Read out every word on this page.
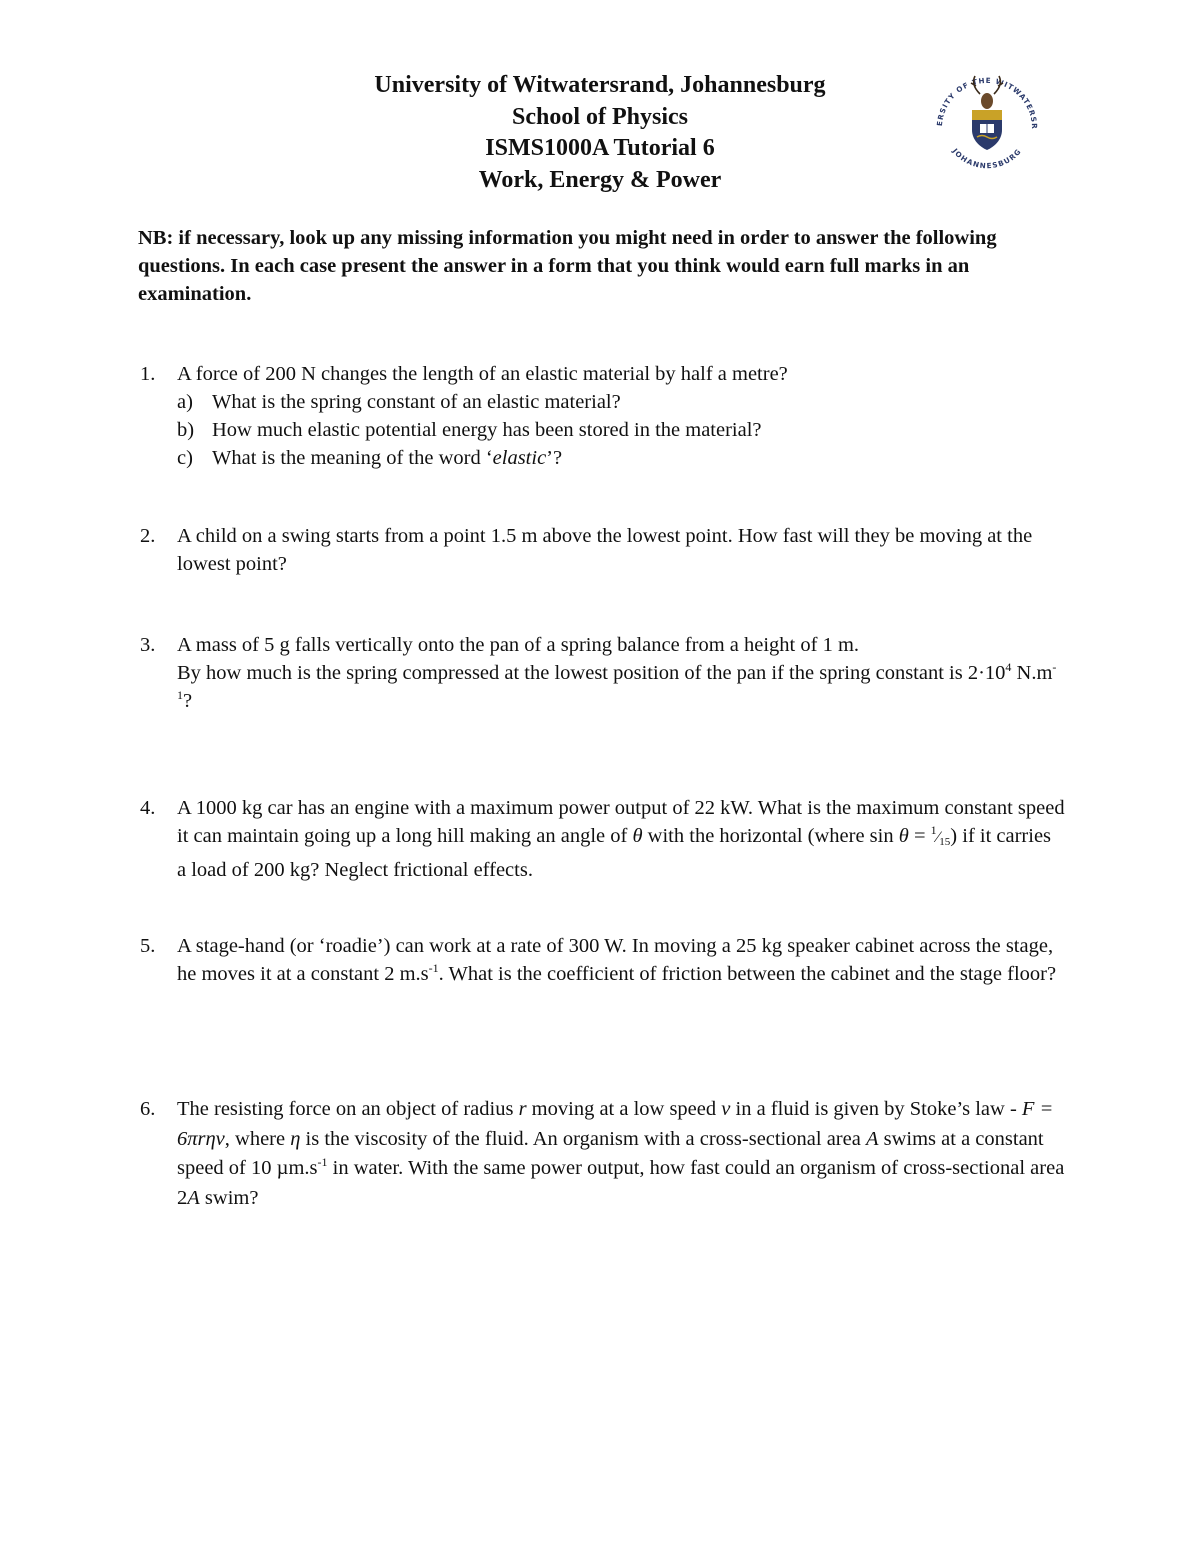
University of Witwatersrand, Johannesburg
School of Physics
ISMS1000A Tutorial 6
Work, Energy & Power
ERSITY OF THE WITWATERSR
JOHANNESBURG
NB: if necessary, look up any missing information you might need in order to answer the following questions. In each case present the answer in a form that you think would earn full marks in an examination.
1. A force of 200 N changes the length of an elastic material by half a metre?
a) What is the spring constant of an elastic material?
b) How much elastic potential energy has been stored in the material?
c) What is the meaning of the word ‘elastic’?
2. A child on a swing starts from a point 1.5 m above the lowest point. How fast will they be moving at the lowest point?
3. A mass of 5 g falls vertically onto the pan of a spring balance from a height of 1 m.
By how much is the spring compressed at the lowest position of the pan if the spring constant is $2\cdot 10^4$ $N.m^{-1}$?
4. A 1000 kg car has an engine with a maximum power output of 22 kW. What is the maximum constant speed it can maintain going up a long hill making an angle of θ with the horizontal (where $\sin \theta = ^1⁄_{15}$) if it carries a load of 200 kg? Neglect frictional effects.
5. A stage-hand (or ‘roadie’) can work at a rate of 300 W. In moving a 25 kg speaker cabinet across the stage, he moves it at a constant 2 $m.s^{-1}$. What is the coefficient of friction between the cabinet and the stage floor?
6. The resisting force on an object of radius r moving at a low speed v in a fluid is given by Stoke’s law - F = 6πrηv, where η is the viscosity of the fluid. An organism with a cross-sectional area A swims at a constant speed of 10 $\mu m.s^{-1}$ in water. With the same power output, how fast could an organism of cross-sectional area 2A swim?
